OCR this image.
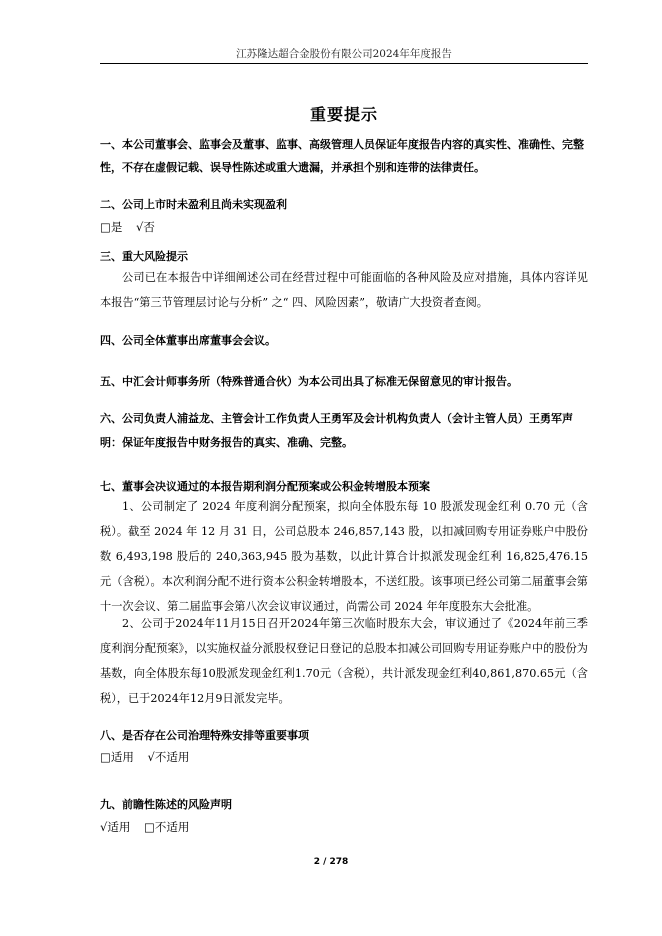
江苏隆达超合金股份有限公司2024年年度报告
重要提示
一、本公司董事会、监事会及董事、监事、高级管理人员保证年度报告内容的真实性、准确性、完整性，不存在虚假记载、误导性陈述或重大遗漏，并承担个别和连带的法律责任。
二、公司上市时未盈利且尚未实现盈利
□是 √否
三、重大风险提示
公司已在本报告中详细阐述公司在经营过程中可能面临的各种风险及应对措施，具体内容详见本报告“第三节管理层讨论与分析” 之“ 四、风险因素”，敬请广大投资者查阅。
四、公司全体董事出席董事会会议。
五、中汇会计师事务所（特殊普通合伙）为本公司出具了标准无保留意见的审计报告。
六、公司负责人浦益龙、主管会计工作负责人王勇军及会计机构负责人（会计主管人员）王勇军声明：保证年度报告中财务报告的真实、准确、完整。
七、董事会决议通过的本报告期利润分配预案或公积金转增股本预案
1、公司制定了 2024 年度利润分配预案，拟向全体股东每 10 股派发现金红利 0.70 元（含税）。截至 2024 年 12 月 31 日，公司总股本 246,857,143 股，以扣减回购专用证券账户中股份数 6,493,198 股后的 240,363,945 股为基数，以此计算合计拟派发现金红利 16,825,476.15 元（含税）。本次利润分配不进行资本公积金转增股本，不送红股。该事项已经公司第二届董事会第十一次会议、第二届监事会第八次会议审议通过，尚需公司 2024 年年度股东大会批准。
2、公司于2024年11月15日召开2024年第三次临时股东大会，审议通过了《2024年前三季度利润分配预案》，以实施权益分派股权登记日登记的总股本扣减公司回购专用证券账户中的股份为基数，向全体股东每10股派发现金红利1.70元（含税），共计派发现金红利40,861,870.65元（含税），已于2024年12月9日派发完毕。
八、是否存在公司治理特殊安排等重要事项
□适用 √不适用
九、前瞻性陈述的风险声明
√适用 □不适用
2 / 278
